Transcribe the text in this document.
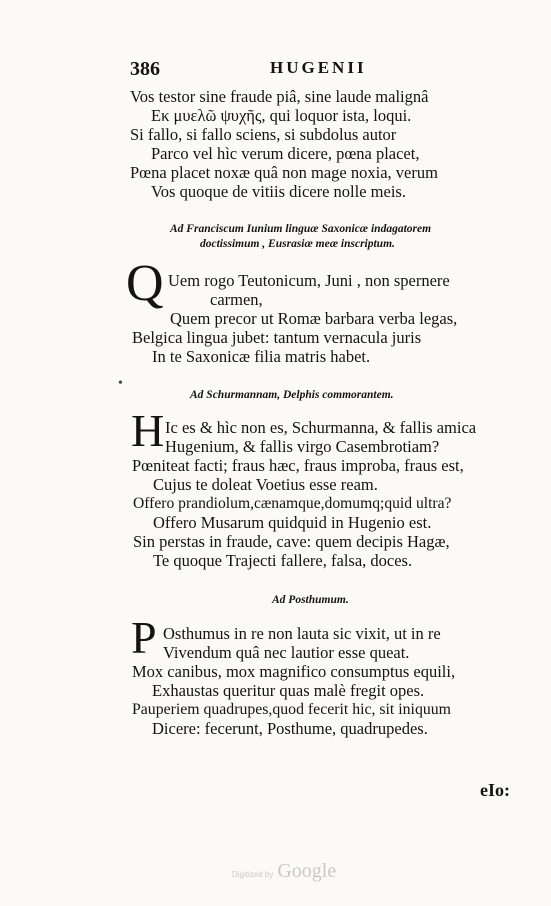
386	HUGENII
Vos testor sine fraude piâ, sine laude malignâ
Εκ μυελῶ ψυχῆς, qui loquor ista, loqui.
Si fallo, si fallo sciens, si subdolus autor
Parco vel hìc verum dicere, pœna placet,
Pœna placet noxæ quâ non mage noxia, verum
Vos quoque de vitiis dicere nolle meis.
Ad Franciscum Iunium linguæ Saxonicæ indagatorem
doctissimum , Eusrasiæ meæ inscriptum.
Q Uem rogo Teutonicum, Juni , non spernere
carmen,
Quem precor ut Romæ barbara verba legas,
Belgica lingua jubet: tantum vernacula juris
In te Saxonicæ filia matris habet.
Ad Schurmannam, Delphis commorantem.
H Ic es & hìc non es, Schurmanna, & fallis amica
Hugenium, & fallis virgo Casembrotiam?
Pœniteat facti; fraus hæc, fraus improba, fraus est,
Cujus te doleat Voetius esse ream.
Offero prandiolum,cænamque,domumq;quid ultra?
Offero Musarum quidquid in Hugenio est.
Sin perstas in fraude, cave: quem decipis Hagæ,
Te quoque Trajecti fallere, falsa, doces.
Ad Posthumum.
P Osthumus in re non lauta sic vixit, ut in re
Vivendum quâ nec lautior esse queat.
Mox canibus, mox magnifico consumptus equili,
Exhaustas queritur quas malè fregit opes.
Pauperiem quadrupes,quod fecerit hic, sit iniquum
Dicere: fecerunt, Posthume, quadrupedes.
eIo:
•
Digitized by Google
